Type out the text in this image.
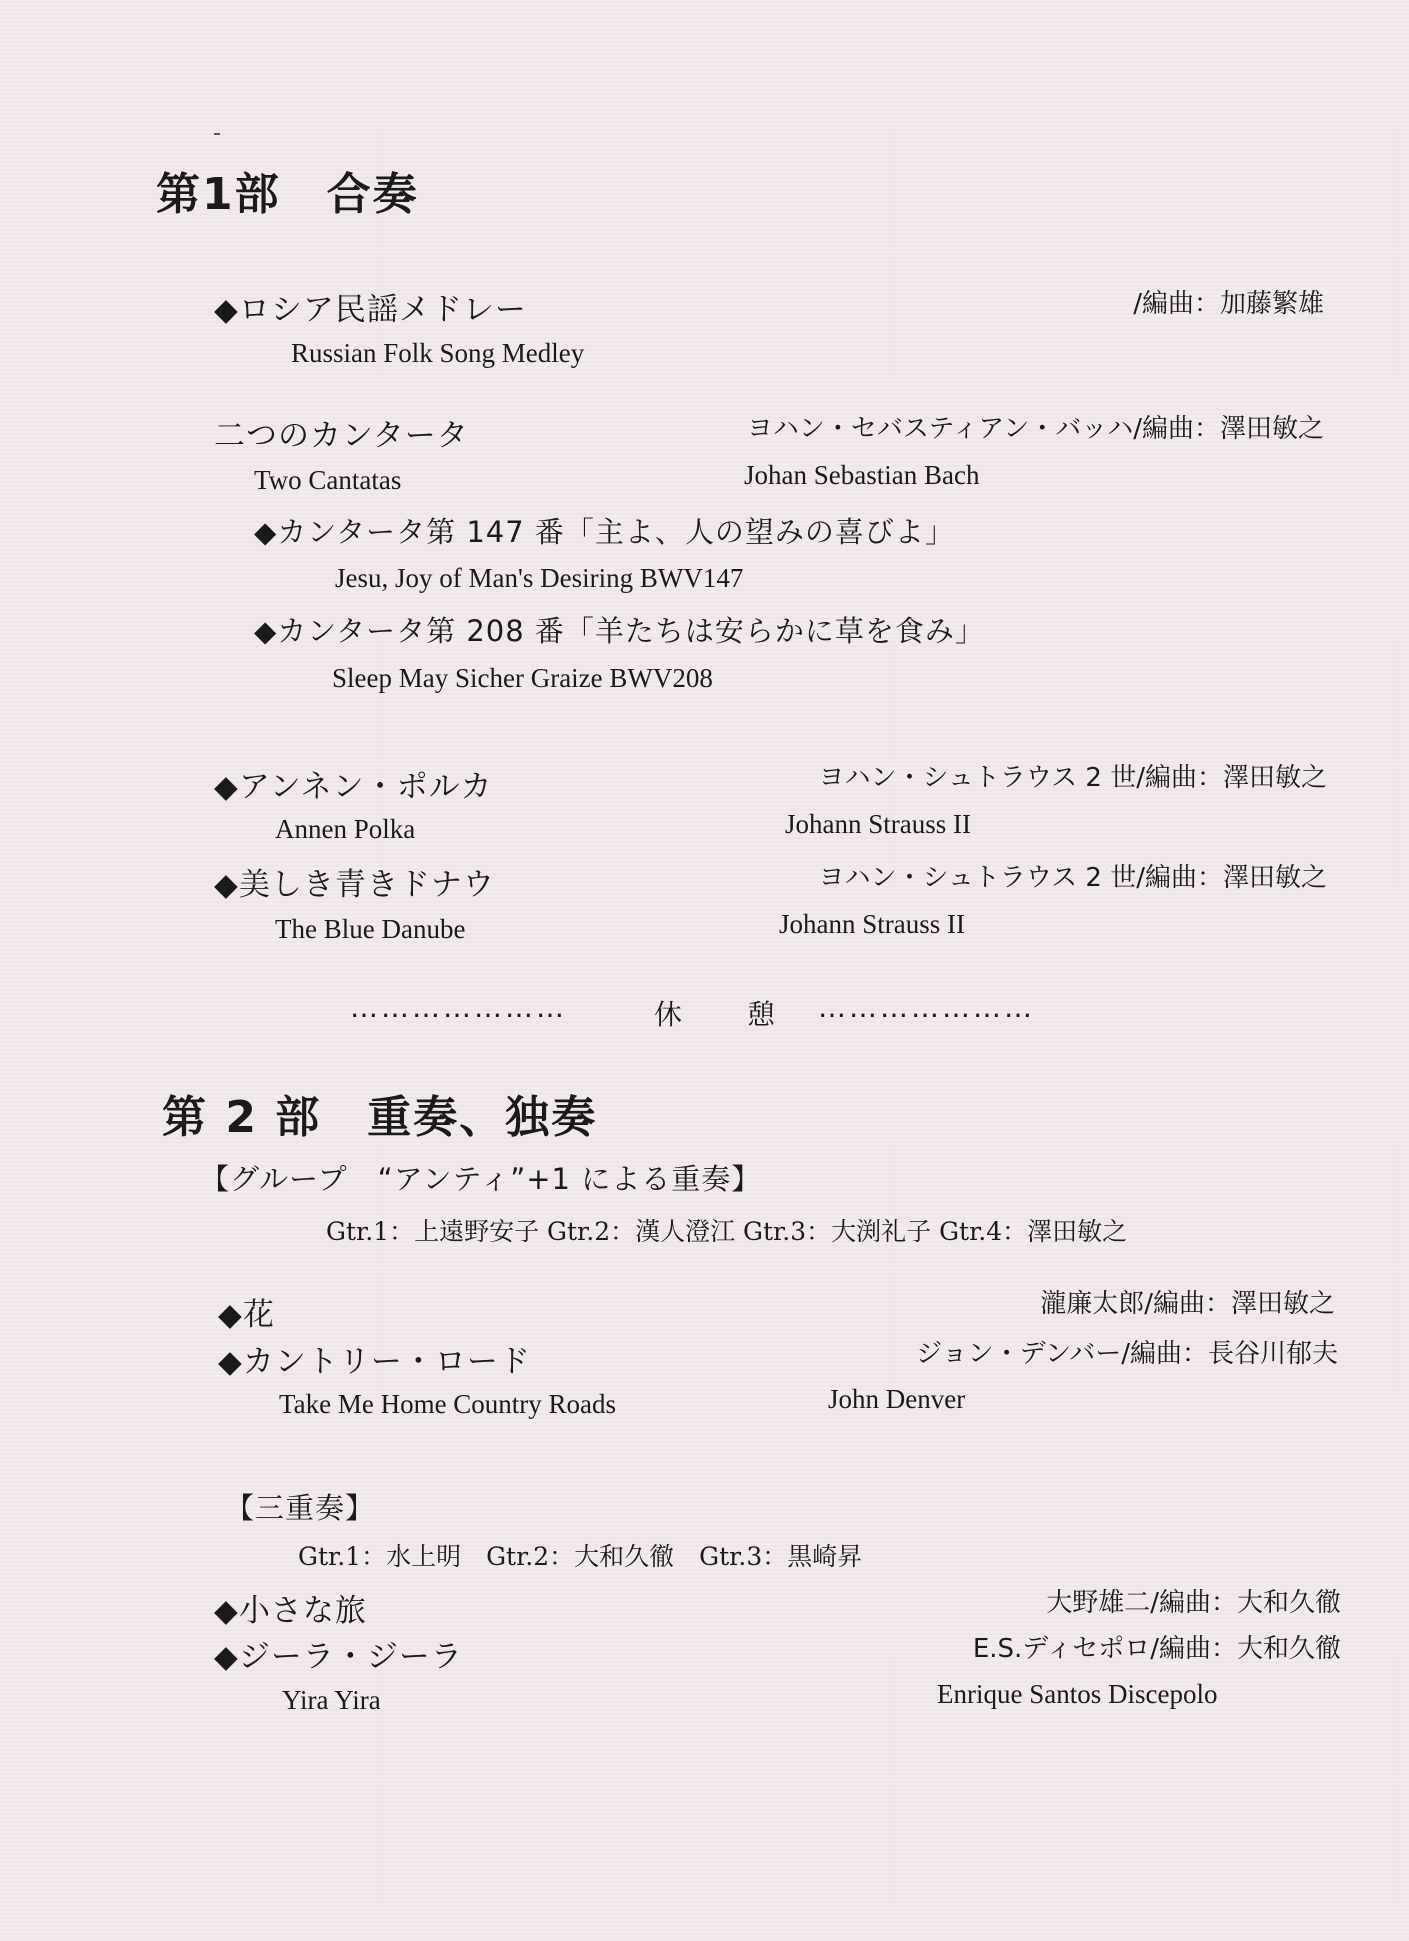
第1部　合奏
◆ロシア民謡メドレー	/編曲：加藤繁雄
Russian Folk Song Medley
二つのカンタータ	ヨハン・セバスティアン・バッハ/編曲：澤田敏之
Two Cantatas	Johan Sebastian Bach
◆カンタータ第 147 番「主よ、人の望みの喜びよ」
Jesu, Joy of Man's Desiring BWV147
◆カンタータ第 208 番「羊たちは安らかに草を食み」
Sleep May Sicher Graize BWV208
◆アンネン・ポルカ	ヨハン・シュトラウス 2 世/編曲：澤田敏之
Annen Polka	Johann Strauss II
◆美しき青きドナウ	ヨハン・シュトラウス 2 世/編曲：澤田敏之
The Blue Danube	Johann Strauss II
…………………	休　　憩 …………………
第 2 部　重奏、独奏
【グループ　“アンティ”+1 による重奏】
Gtr.1：上遠野安子 Gtr.2：漢人澄江 Gtr.3：大渕礼子 Gtr.4：澤田敏之
◆花	瀧廉太郎/編曲：澤田敏之
◆カントリー・ロード	ジョン・デンバー/編曲：長谷川郁夫
Take Me Home Country Roads	John Denver
【三重奏】
Gtr.1：水上明　Gtr.2：大和久徹　Gtr.3：黒崎昇
◆小さな旅	大野雄二/編曲：大和久徹
◆ジーラ・ジーラ	E.S.ディセポロ/編曲：大和久徹
Yira Yira	Enrique Santos Discepolo
